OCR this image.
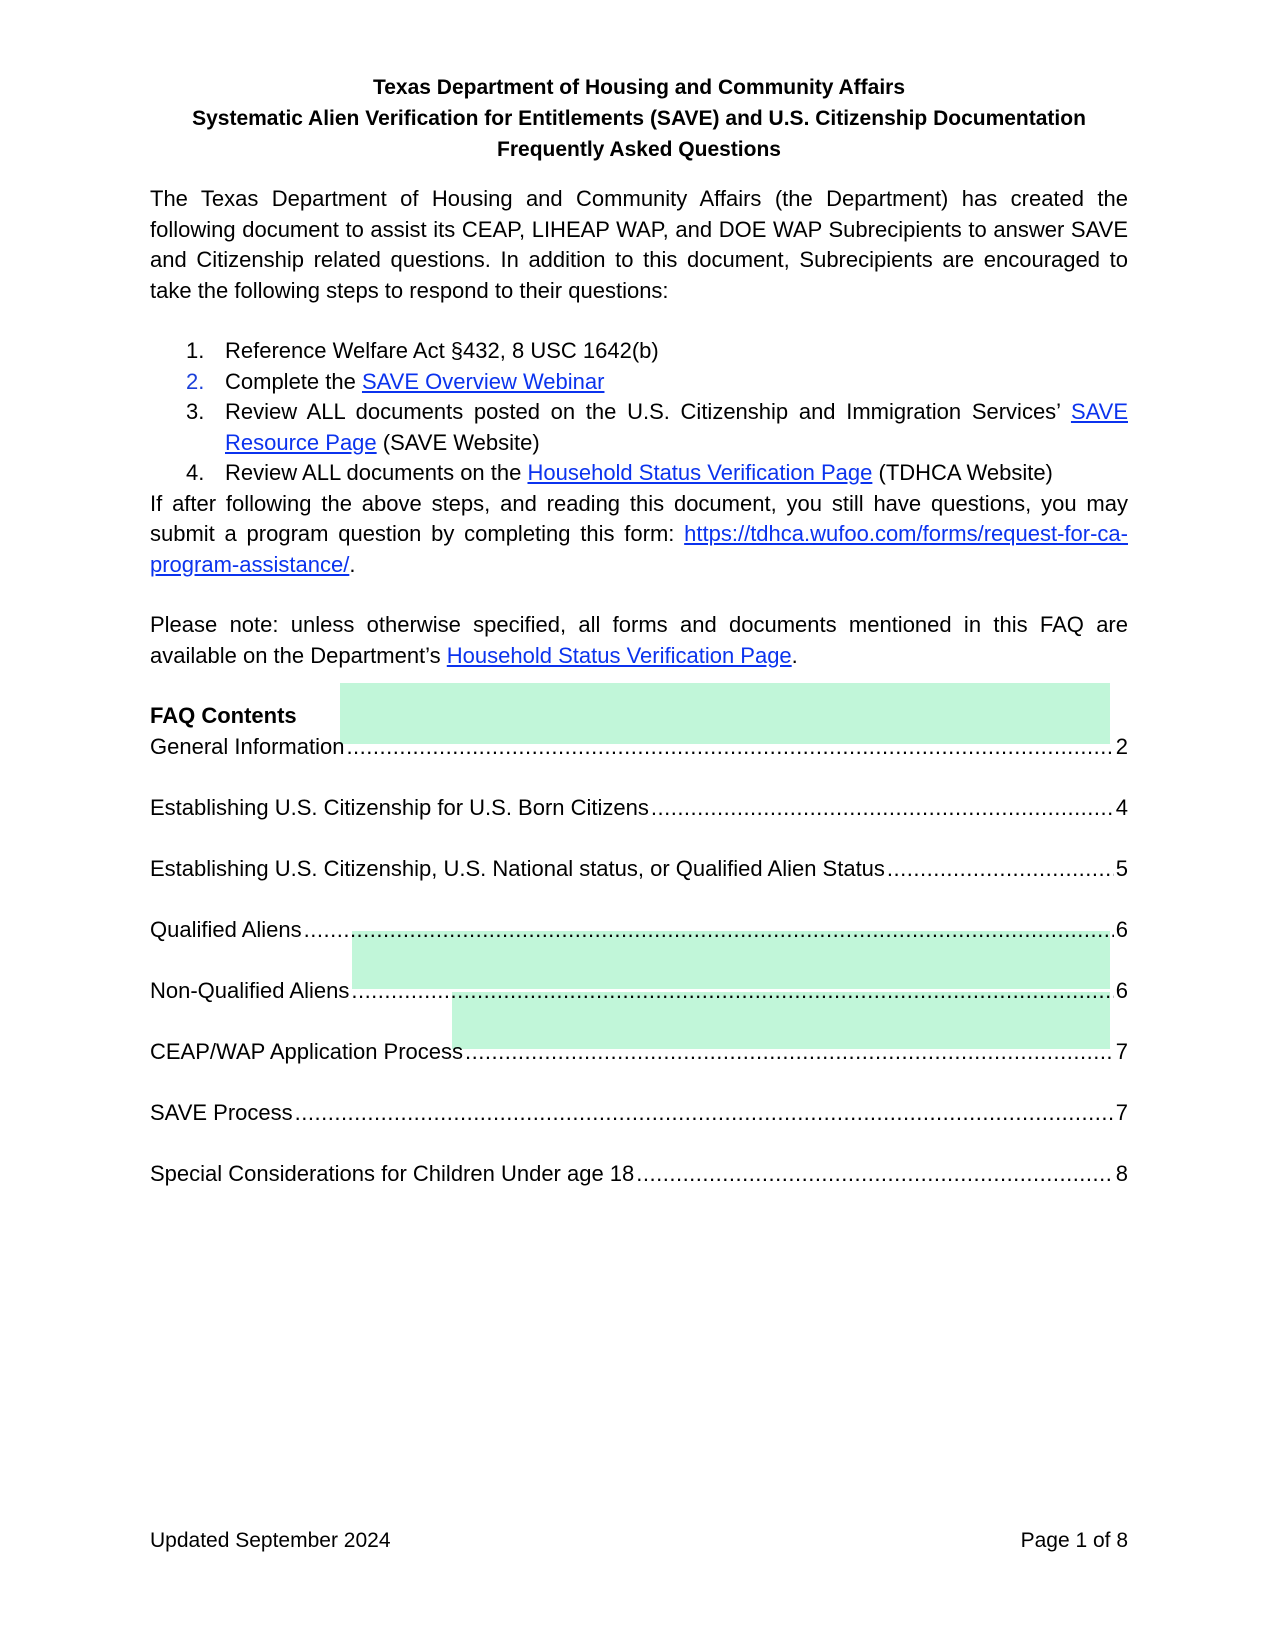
Texas Department of Housing and Community Affairs
Systematic Alien Verification for Entitlements (SAVE) and U.S. Citizenship Documentation
Frequently Asked Questions

The Texas Department of Housing and Community Affairs (the Department) has created the following document to assist its CEAP, LIHEAP WAP, and DOE WAP Subrecipients to answer SAVE and Citizenship related questions. In addition to this document, Subrecipients are encouraged to take the following steps to respond to their questions:

1. Reference Welfare Act §432, 8 USC 1642(b)
2. Complete the SAVE Overview Webinar
3. Review ALL documents posted on the U.S. Citizenship and Immigration Services’ SAVE Resource Page (SAVE Website)
4. Review ALL documents on the Household Status Verification Page (TDHCA Website)

If after following the above steps, and reading this document, you still have questions, you may submit a program question by completing this form: https://tdhca.wufoo.com/forms/request-for-ca-program-assistance/.

Please note: unless otherwise specified, all forms and documents mentioned in this FAQ are available on the Department’s Household Status Verification Page.

FAQ Contents
General Information .....	2
Establishing U.S. Citizenship for U.S. Born Citizens .....	4
Establishing U.S. Citizenship, U.S. National status, or Qualified Alien Status .....	5
Qualified Aliens .....	6
Non-Qualified Aliens .....	6
CEAP/WAP Application Process .....	7
SAVE Process .....	7
Special Considerations for Children Under age 18 .....	8
Updated September 2024	Page 1 of 8
